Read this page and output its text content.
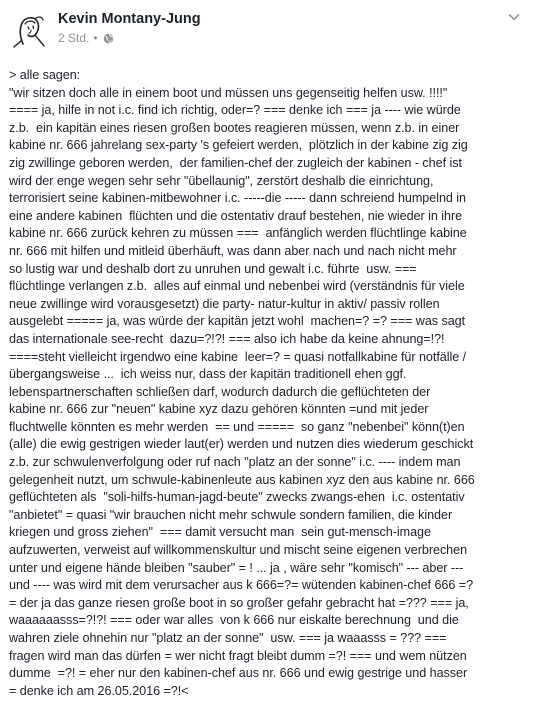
Kevin Montany-Jung
2 Std. •
> alle sagen:
"wir sitzen doch alle in einem boot und müssen uns gegenseitig helfen usw. !!!!"
==== ja, hilfe in not i.c. find ich richtig, oder=? === denke ich === ja ---- wie würde
z.b.  ein kapitän eines riesen großen bootes reagieren müssen, wenn z.b. in einer
kabine nr. 666 jahrelang sex-party 's gefeiert werden,  plötzlich in der kabine zig zig
zig zwillinge geboren werden,  der familien-chef der zugleich der kabinen - chef ist
wird der enge wegen sehr sehr "übellaunig", zerstört deshalb die einrichtung,
terrorisiert seine kabinen-mitbewohner i.c. -----die ----- dann schreiend humpelnd in
eine andere kabinen  flüchten und die ostentativ drauf bestehen, nie wieder in ihre
kabine nr. 666 zurück kehren zu müssen ===  anfänglich werden flüchtlinge kabine
nr. 666 mit hilfen und mitleid überhäuft, was dann aber nach und nach nicht mehr
so lustig war und deshalb dort zu unruhen und gewalt i.c. führte  usw. ===
flüchtlinge verlangen z.b.  alles auf einmal und nebenbei wird (verständnis für viele
neue zwillinge wird vorausgesetzt) die party- natur-kultur in aktiv/ passiv rollen
ausgelebt ===== ja, was würde der kapitän jetzt wohl  machen=? =? === was sagt
das internationale see-recht  dazu=?!?! === also ich habe da keine ahnung=!?!
====steht vielleicht irgendwo eine kabine  leer=? = quasi notfallkabine für notfälle /
übergangsweise ...  ich weiss nur, dass der kapitän traditionell ehen ggf.
lebenspartnerschaften schließen darf, wodurch dadurch die geflüchteten der
kabine nr. 666 zur "neuen" kabine xyz dazu gehören könnten =und mit jeder
fluchtwelle könnten es mehr werden  == und =====  so ganz "nebenbei" könn(t)en
(alle) die ewig gestrigen wieder laut(er) werden und nutzen dies wiederum geschickt
z.b. zur schwulenverfolgung oder ruf nach "platz an der sonne" i.c. ---- indem man
gelegenheit nutzt, um schwule-kabinenleute aus kabinen xyz den aus kabine nr. 666
geflüchteten als  "soli-hilfs-human-jagd-beute" zwecks zwangs-ehen  i.c. ostentativ
"anbietet" = quasi "wir brauchen nicht mehr schwule sondern familien, die kinder
kriegen und gross ziehen"  === damit versucht man  sein gut-mensch-image
aufzuwerten, verweist auf willkommenskultur und mischt seine eigenen verbrechen
unter und eigene hände bleiben "sauber" = ! ... ja , wäre sehr "komisch" --- aber ---
und ---- was wird mit dem verursacher aus k 666=?= wütenden kabinen-chef 666 =?
= der ja das ganze riesen große boot in so großer gefahr gebracht hat =??? === ja,
waaaaaasss=?!?! === oder war alles  von k 666 nur eiskalte berechnung  und die
wahren ziele ohnehin nur "platz an der sonne"  usw. === ja waaasss = ??? ===
fragen wird man das dürfen = wer nicht fragt bleibt dumm =?! === und wem nützen
dumme  =?! = eher nur den kabinen-chef aus nr. 666 und ewig gestrige und hasser
= denke ich am 26.05.2016 =?!<
